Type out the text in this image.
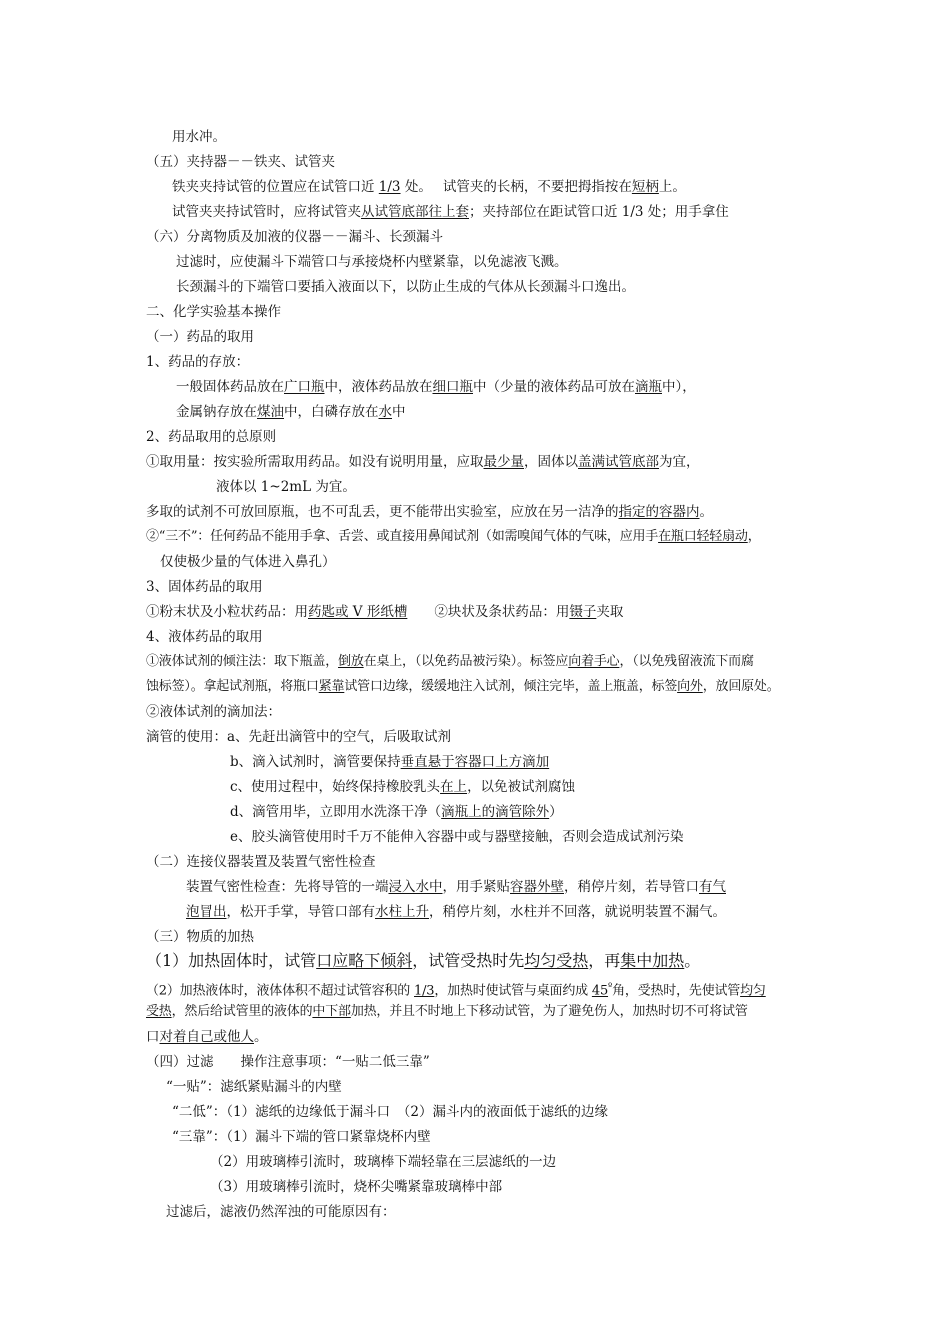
用水冲。
（五）夹持器－－铁夹、试管夹
铁夹夹持试管的位置应在试管口近 1/3 处。　 试管夹的长柄，不要把拇指按在短柄上。
试管夹夹持试管时，应将试管夹从试管底部往上套；夹持部位在距试管口近 1/3 处；用手拿住
（六）分离物质及加液的仪器－－漏斗、长颈漏斗
过滤时，应使漏斗下端管口与承接烧杯内壁紧靠，以免滤液飞溅。
长颈漏斗的下端管口要插入液面以下，以防止生成的气体从长颈漏斗口逸出。
二、化学实验基本操作
（一）药品的取用
1、药品的存放：
一般固体药品放在广口瓶中，液体药品放在细口瓶中（少量的液体药品可放在滴瓶中），
金属钠存放在煤油中，白磷存放在水中
2、药品取用的总原则
①取用量：按实验所需取用药品。如没有说明用量，应取最少量，固体以盖满试管底部为宜，
液体以 1~2mL 为宜。
多取的试剂不可放回原瓶，也不可乱丢，更不能带出实验室，应放在另一洁净的指定的容器内。
②“三不”：任何药品不能用手拿、舌尝、或直接用鼻闻试剂（如需嗅闻气体的气味，应用手在瓶口轻轻扇动，
仅使极少量的气体进入鼻孔）
3、固体药品的取用
①粉末状及小粒状药品：用药匙或 V 形纸槽　　②块状及条状药品：用镊子夹取
4、液体药品的取用
①液体试剂的倾注法：取下瓶盖，倒放在桌上，（以免药品被污染）。标签应向着手心，（以免残留液流下而腐
蚀标签）。拿起试剂瓶，将瓶口紧靠试管口边缘，缓缓地注入试剂，倾注完毕，盖上瓶盖，标签向外，放回原处。
②液体试剂的滴加法：
滴管的使用：a、先赶出滴管中的空气，后吸取试剂
b、滴入试剂时，滴管要保持垂直悬于容器口上方滴加
c、使用过程中，始终保持橡胶乳头在上，以免被试剂腐蚀
d、滴管用毕，立即用水洗涤干净（滴瓶上的滴管除外）
e、胶头滴管使用时千万不能伸入容器中或与器壁接触，否则会造成试剂污染
（二）连接仪器装置及装置气密性检查
装置气密性检查：先将导管的一端浸入水中，用手紧贴容器外壁，稍停片刻，若导管口有气
泡冒出，松开手掌，导管口部有水柱上升，稍停片刻，水柱并不回落，就说明装置不漏气。
（三）物质的加热
（1）加热固体时，试管口应略下倾斜，试管受热时先均匀受热，再集中加热。
（2）加热液体时，液体体积不超过试管容积的 1/3，加热时使试管与桌面约成 $45^º$角，受热时，先使试管均匀
受热，然后给试管里的液体的中下部加热，并且不时地上下移动试管，为了避免伤人，加热时切不可将试管
口对着自己或他人。
（四）过滤　　操作注意事项：“一贴二低三靠”
“一贴”：滤纸紧贴漏斗的内壁
“二低”：（1）滤纸的边缘低于漏斗口　（2）漏斗内的液面低于滤纸的边缘
“三靠”：（1）漏斗下端的管口紧靠烧杯内壁
（2）用玻璃棒引流时，玻璃棒下端轻靠在三层滤纸的一边
（3）用玻璃棒引流时，烧杯尖嘴紧靠玻璃棒中部
过滤后，滤液仍然浑浊的可能原因有：
